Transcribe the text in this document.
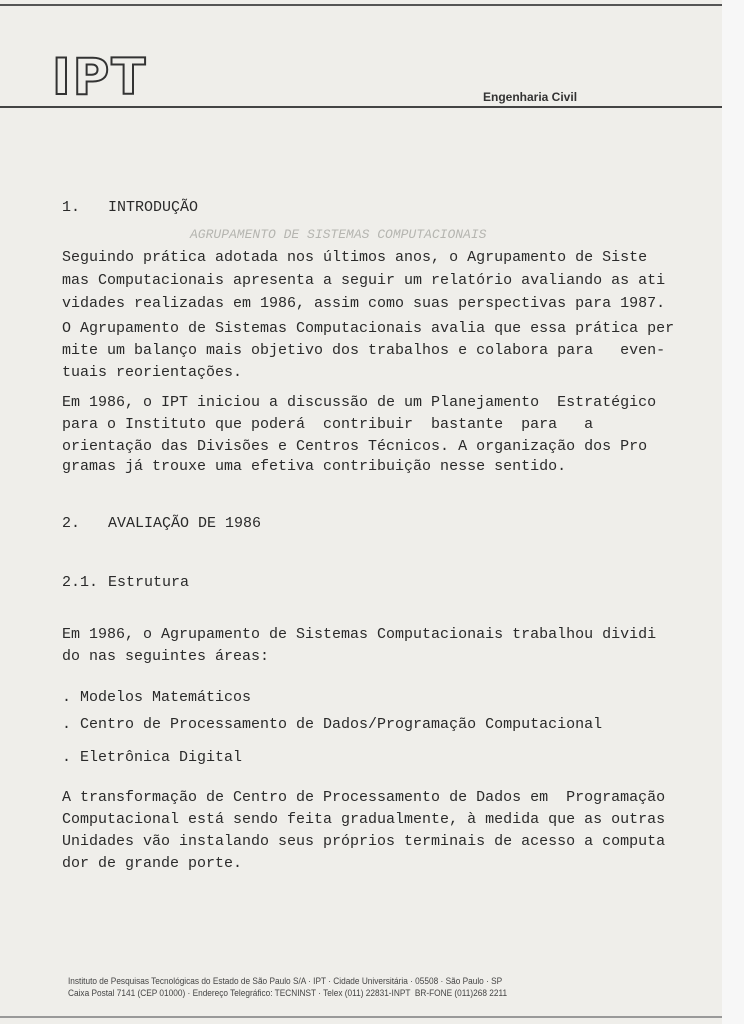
IPT	Engenharia Civil
1. INTRODUÇÃO
AGRUPAMENTO DE SISTEMAS COMPUTACIONAIS
Seguindo prática adotada nos últimos anos, o Agrupamento de Siste
mas Computacionais apresenta a seguir um relatório avaliando as ati
vidades realizadas em 1986, assim como suas perspectivas para 1987.
O Agrupamento de Sistemas Computacionais avalia que essa prática per
mite um balanço mais objetivo dos trabalhos e colabora para   even-
tuais reorientações.
Em 1986, o IPT iniciou a discussão de um Planejamento  Estratégico
para o Instituto que poderá  contribuir  bastante  para   a
orientação das Divisões e Centros Técnicos. A organização dos Pro
gramas já trouxe uma efetiva contribuição nesse sentido.
2. AVALIAÇÃO DE 1986
2.1. Estrutura
Em 1986, o Agrupamento de Sistemas Computacionais trabalhou dividi
do nas seguintes áreas:
. Modelos Matemáticos
. Centro de Processamento de Dados/Programação Computacional
. Eletrônica Digital
A transformação de Centro de Processamento de Dados em  Programação
Computacional está sendo feita gradualmente, à medida que as outras
Unidades vão instalando seus próprios terminais de acesso a computa
dor de grande porte.
Instituto de Pesquisas Tecnológicas do Estado de São Paulo S/A · IPT · Cidade Universitária · 05508 · São Paulo · SP
Caixa Postal 7141 (CEP 01000) · Endereço Telegráfico: TECNINST · Telex (011) 22831-INPT  BR-FONE (011)268 2211
